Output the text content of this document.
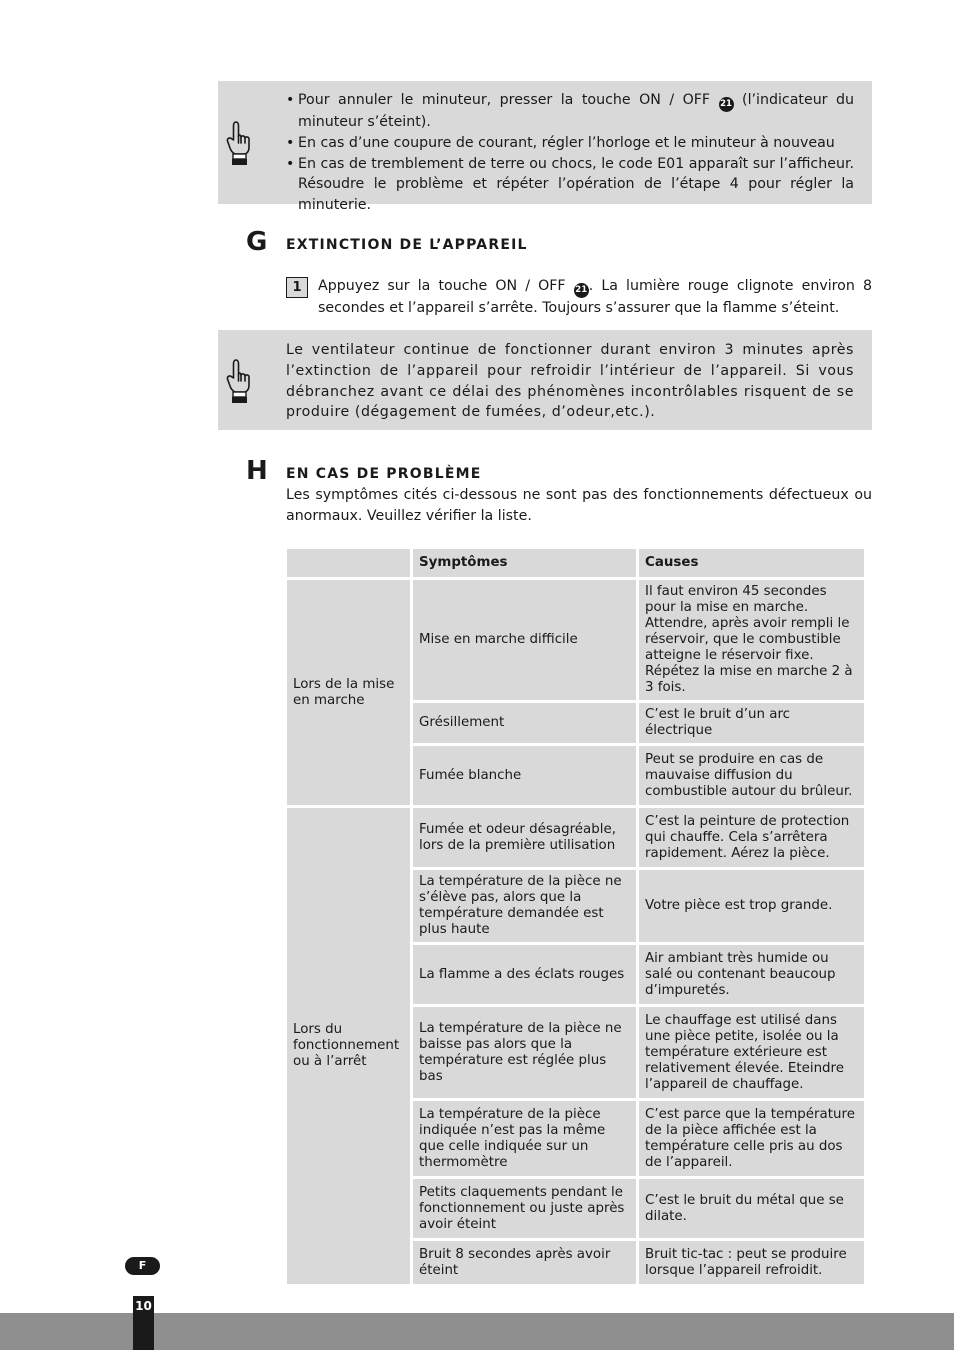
• Pour annuler le minuteur, presser la touche ON / OFF 21 (l’indicateur du minuteur s’éteint).
• En cas d’une coupure de courant, régler l’horloge et le minuteur à nouveau
• En cas de tremblement de terre ou chocs, le code E01 apparaît sur l’afficheur. Résoudre le problème et répéter l’opération de l’étape 4 pour régler la minuterie.
G EXTINCTION DE L’APPAREIL
1	Appuyez sur la touche ON / OFF 21 . La lumière rouge clignote environ 8 secondes et l’appareil s’arrête. Toujours s’assurer que la flamme s’éteint.
Le ventilateur continue de fonctionner durant environ 3 minutes après l’extinction de l’appareil pour refroidir l’intérieur de l’appareil. Si vous débranchez avant ce délai des phénomènes incontrôlables risquent de se produire (dégagement de fumées, d’odeur,etc.).
H EN CAS DE PROBLÈME
Les symptômes cités ci-dessous ne sont pas des fonctionnements défectueux ou anormaux. Veuillez vérifier la liste.
	Symptômes	Causes
Lors de la mise en marche	Mise en marche difficile	Il faut environ 45 secondes pour la mise en marche. Attendre, après avoir rempli le réservoir, que le combustible atteigne le réservoir fixe. Répétez la mise en marche 2 à 3 fois.
	Grésillement	C’est le bruit d’un arc électrique
	Fumée blanche	Peut se produire en cas de mauvaise diffusion du combustible autour du brûleur.
Lors du fonctionnement ou à l’arrêt	Fumée et odeur désagréable, lors de la première utilisation	C’est la peinture de protection qui chauffe. Cela s’arrêtera rapidement. Aérez la pièce.
	La température de la pièce ne s’élève pas, alors que la température demandée est plus haute	Votre pièce est trop grande.
	La flamme a des éclats rouges	Air ambiant très humide ou salé ou contenant beaucoup d’impuretés.
	La température de la pièce ne baisse pas alors que la température est réglée plus bas	Le chauffage est utilisé dans une pièce petite, isolée ou la température extérieure est relativement élevée. Eteindre l’appareil de chauffage.
	La température de la pièce indiquée n’est pas la même que celle indiquée sur un thermomètre	C’est parce que la température de la pièce affichée est la température celle pris au dos de l’appareil.
	Petits claquements pendant le fonctionnement ou juste après avoir éteint	C’est le bruit du métal que se dilate.
	Bruit 8 secondes après avoir éteint	Bruit tic-tac : peut se produire lorsque l’appareil refroidit.
F
10
